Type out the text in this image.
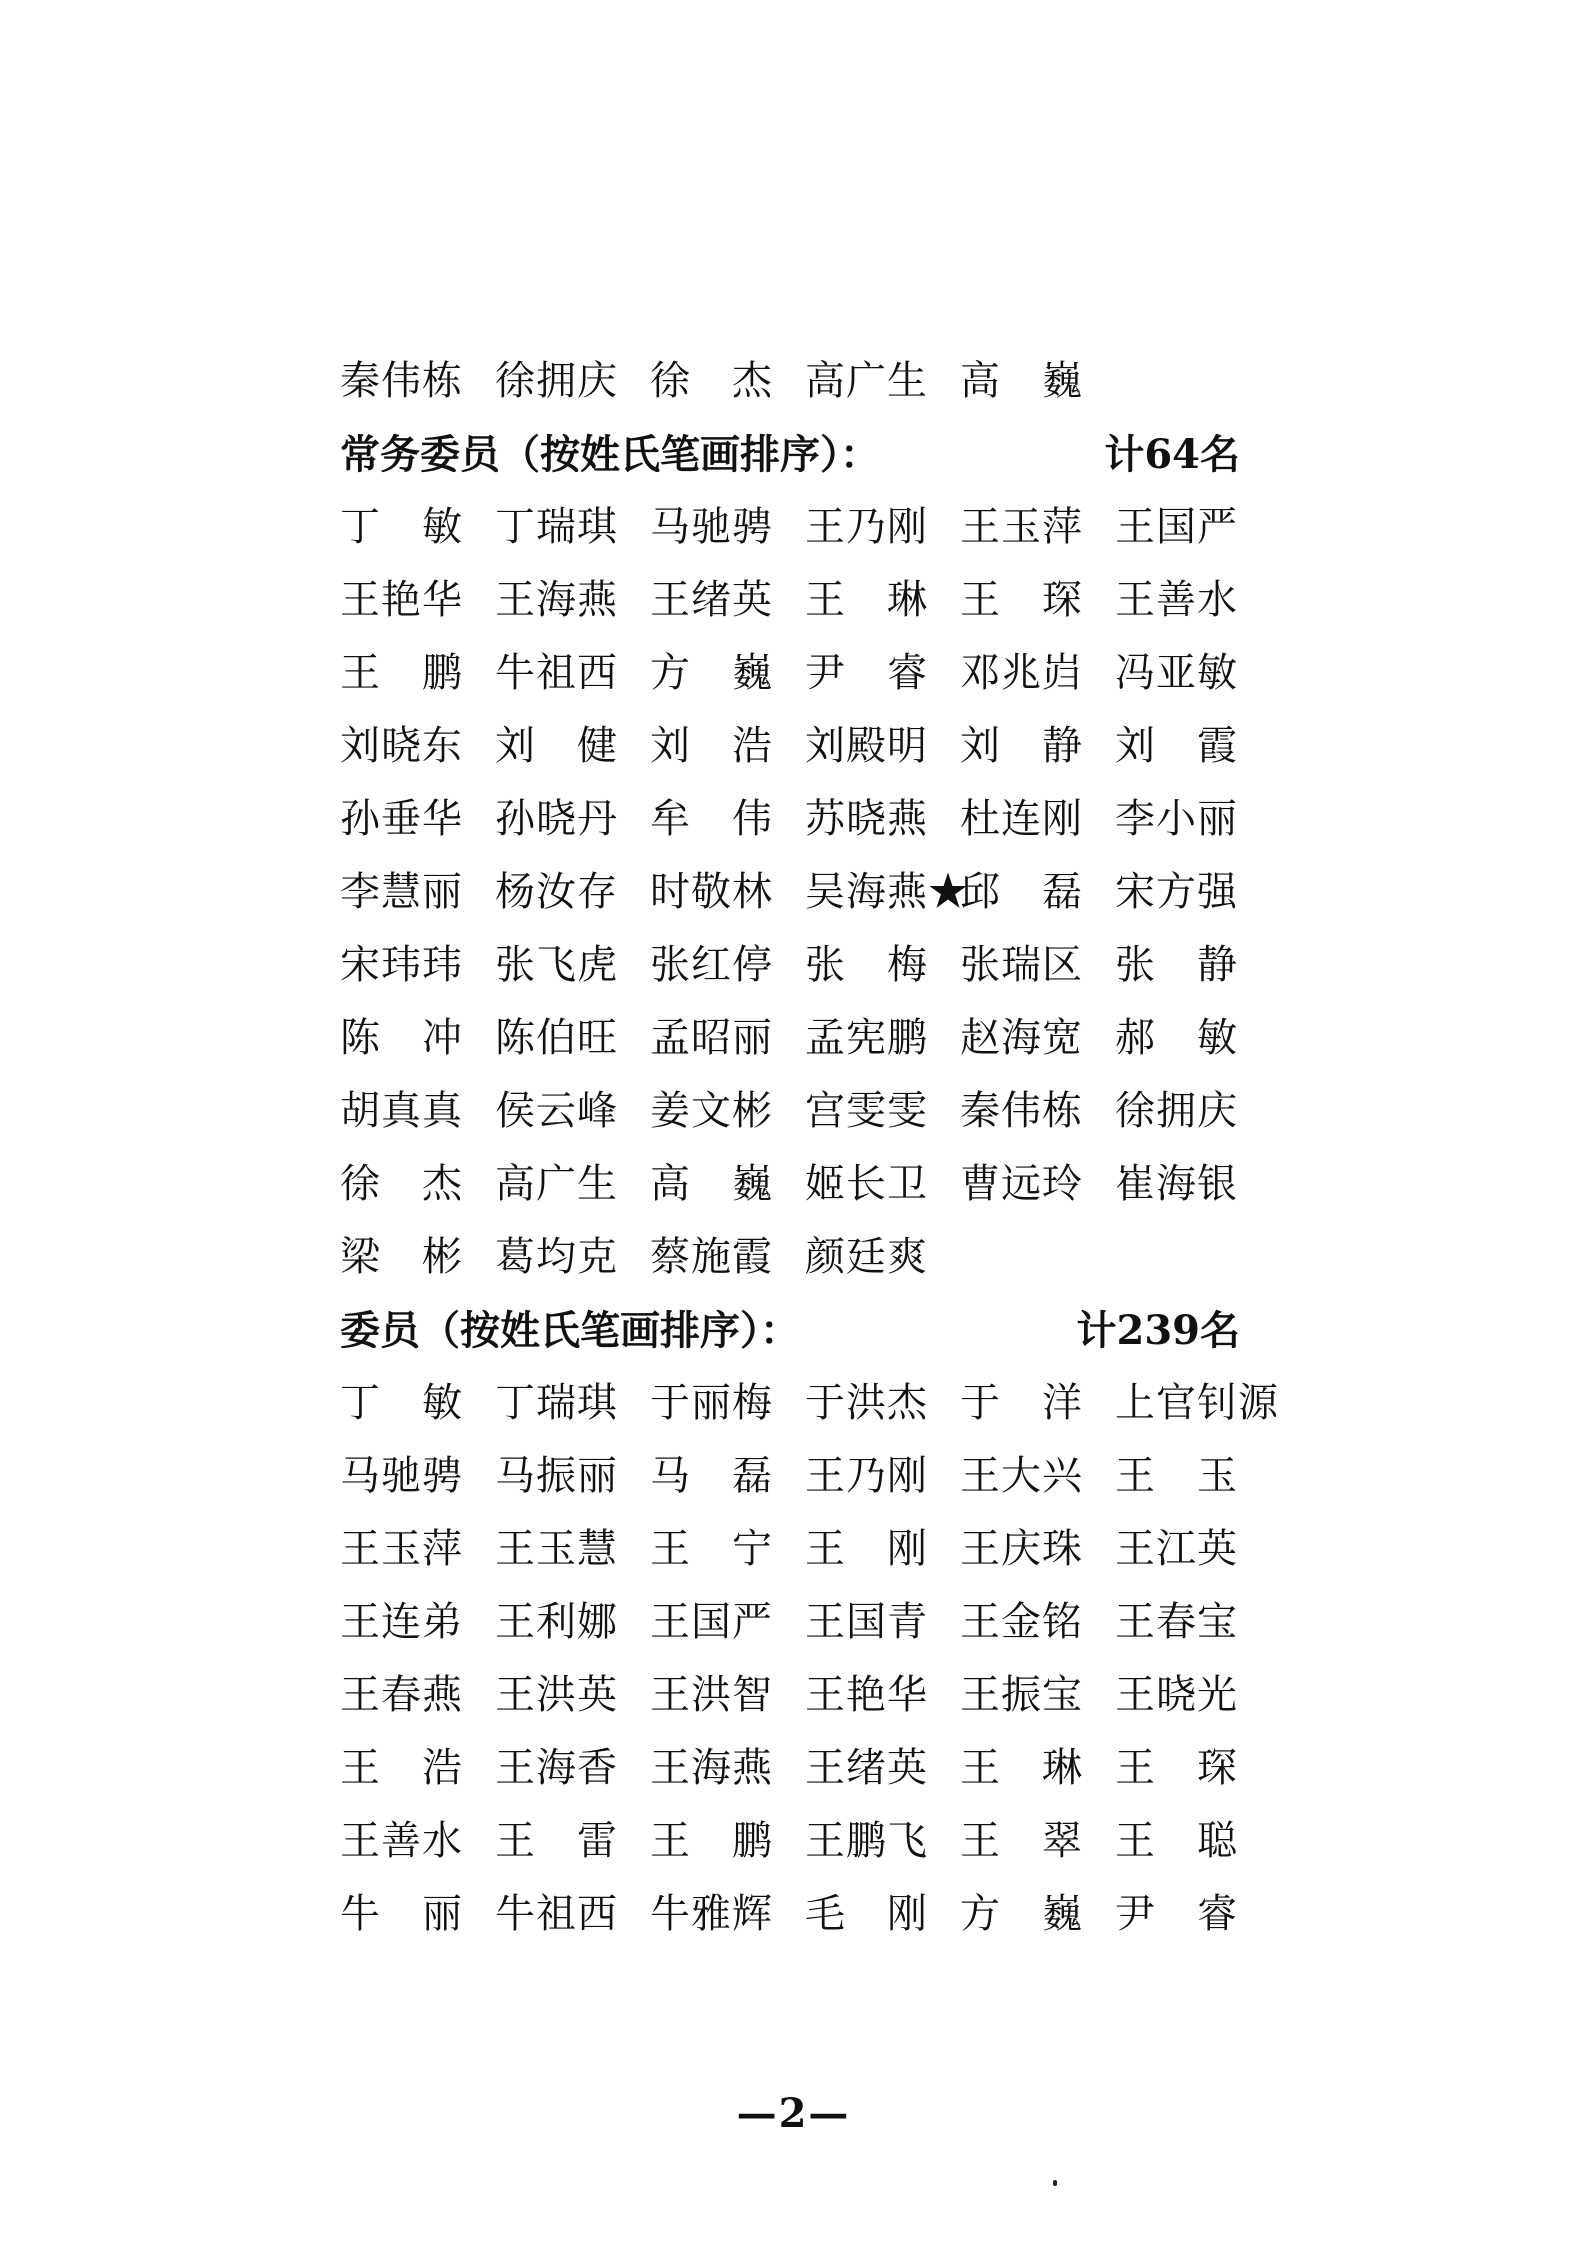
秦伟栋 徐拥庆 徐　杰 高广生 高　巍
常务委员（按姓氏笔画排序）：	计64名
丁　敏 丁瑞琪 马驰骋 王乃刚 王玉萍 王国严
王艳华 王海燕 王绪英 王　琳 王　琛 王善水
王　鹏 牛祖西 方　巍 尹　睿 邓兆岿 冯亚敏
刘晓东 刘　健 刘　浩 刘殿明 刘　静 刘　霞
孙垂华 孙晓丹 牟　伟 苏晓燕 杜连刚 李小丽
李慧丽 杨汝存 时敬林 吴海燕★
邱　磊 宋方强
宋玮玮 张飞虎 张红停 张　梅 张瑞区 张　静
陈　冲 陈伯旺 孟昭丽 孟宪鹏 赵海宽 郝　敏
胡真真 侯云峰 姜文彬 宫雯雯 秦伟栋 徐拥庆
徐　杰 高广生 高　巍 姬长卫 曹远玲 崔海银
梁　彬 葛均克 蔡施霞 颜廷爽
委员（按姓氏笔画排序）：	计239名
丁　敏 丁瑞琪 于丽梅 于洪杰 于　洋 上官钊源
马驰骋 马振丽 马　磊 王乃刚 王大兴 王　玉
王玉萍 王玉慧 王　宁 王　刚 王庆珠 王江英
王连弟 王利娜 王国严 王国青 王金铭 王春宝
王春燕 王洪英 王洪智 王艳华 王振宝 王晓光
王　浩 王海香 王海燕 王绪英 王　琳 王　琛
王善水 王　雷 王　鹏 王鹏飞 王　翠 王　聪
牛　丽 牛祖西 牛雅辉 毛　刚 方　巍 尹　睿
—2—
